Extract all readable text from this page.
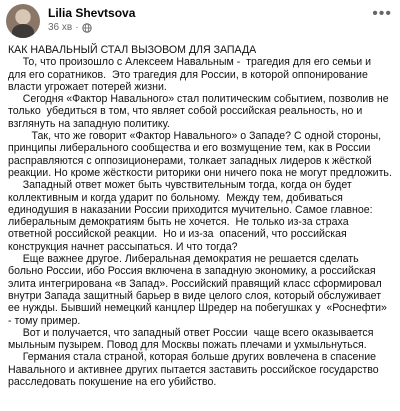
Lilia Shevtsova
36 хв ·
•••

КАК НАВАЛЬНЫЙ СТАЛ ВЫЗОВОМ ДЛЯ ЗАПАДА

То, что произошло с Алексеем Навальным -  трагедия для его семьи и для его соратников.  Это трагедия для России, в которой оппонирование власти угрожает потерей жизни.

Сегодня «Фактор Навального» стал политическим событием, позволив не только  убедиться в том, что являет собой российская реальность, но и взглянуть на западную политику.

Так, что же говорит «Фактор Навального» о Западе? С одной стороны, принципы либерального сообщества и его возмущение тем, как в России расправляются с оппозиционерами, толкает западных лидеров к жёсткой реакции. Но кроме жёсткости риторики они ничего пока не могут предложить.

Западный ответ может быть чувствительным тогда, когда он будет коллективным и когда ударит по больному.  Между тем, добиваться единодушия в наказании России приходится мучительно. Самое главное: либеральным демократиям быть не хочется.  Не только из-за страха ответной российской реакции.  Но и из-за  опасений, что российская конструкция начнет рассыпаться. И что тогда?

Еще важнее другое. Либеральная демократия не решается сделать больно России, ибо Россия включена в западную экономику, а российская элита интегрирована «в Запад». Российский правящий класс сформировал внутри Запада защитный барьер в виде целого слоя, который обслуживает ее нужды. Бывший немецкий канцлер Шредер на побегушках у  «Роснефти» - тому пример.

Вот и получается, что западный ответ России  чаще всего оказывается мыльным пузырем. Повод для Москвы пожать плечами и ухмыльнуться.

Германия стала страной, которая больше других вовлечена в спасение Навального и активнее других пытается заставить российское государство расследовать покушение на его убийство.
